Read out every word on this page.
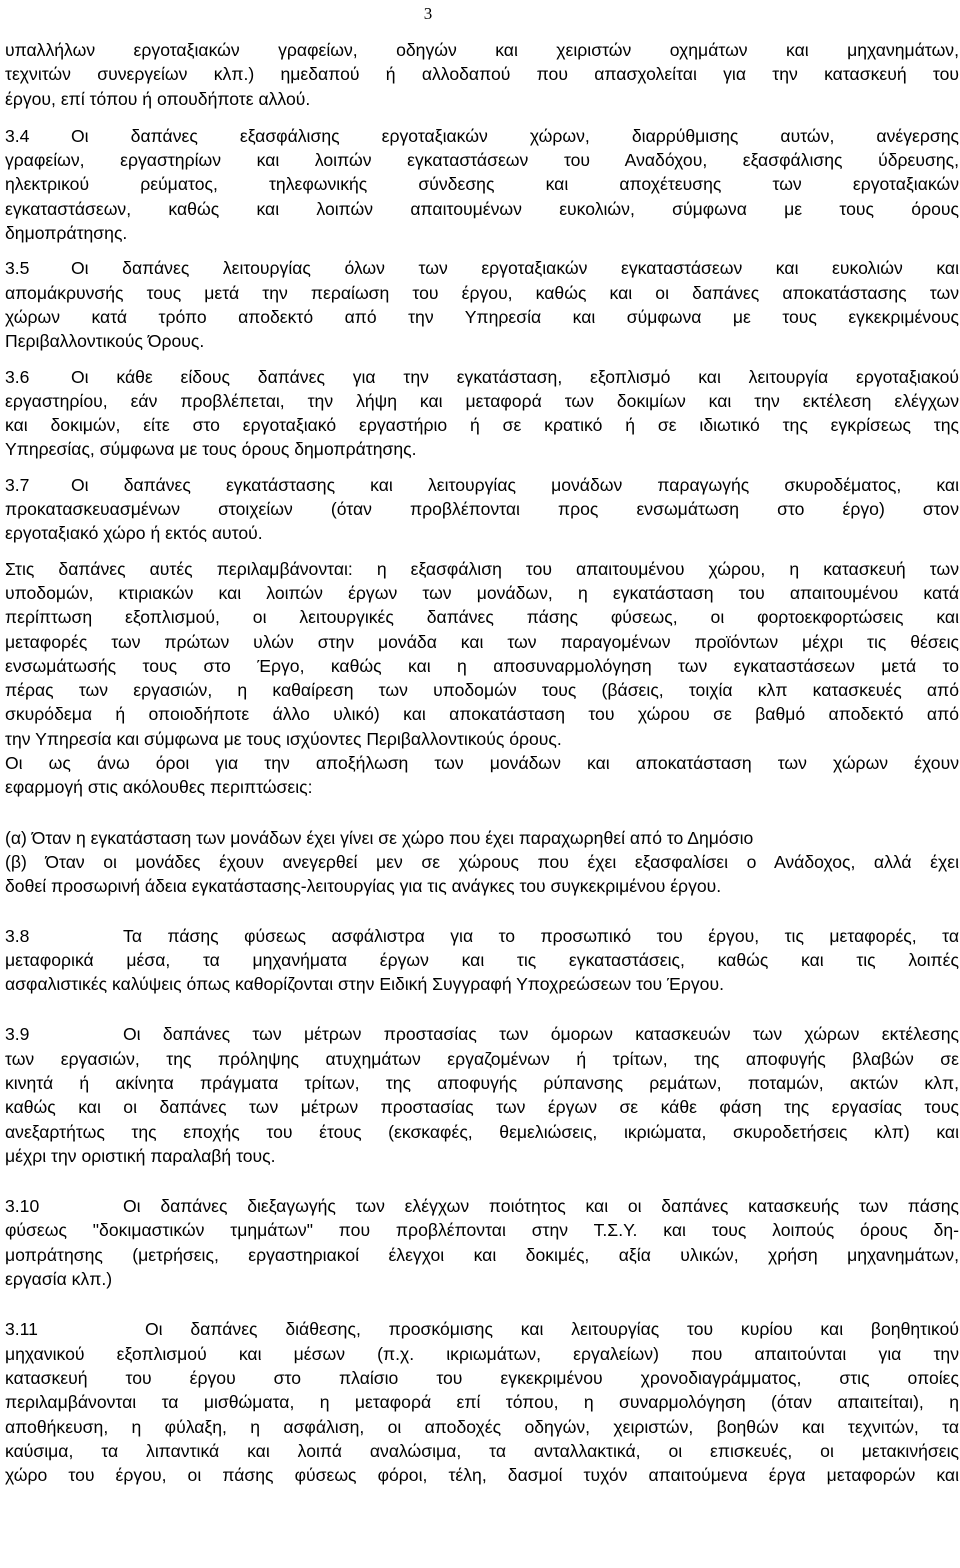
3
υπαλλήλων εργοταξιακών γραφείων, οδηγών και χειριστών οχημάτων και μηχανημάτων,
τεχνιτών συνεργείων κλπ.) ημεδαπού ή αλλοδαπού που απασχολείται για την κατασκευή του
έργου, επί τόπου ή οπουδήποτε αλλού.
3.4 Οι δαπάνες εξασφάλισης εργοταξιακών χώρων, διαρρύθμισης αυτών, ανέγερσης
γραφείων, εργαστηρίων και λοιπών εγκαταστάσεων του Αναδόχου, εξασφάλισης ύδρευσης,
ηλεκτρικού ρεύματος, τηλεφωνικής σύνδεσης και αποχέτευσης των εργοταξιακών
εγκαταστάσεων, καθώς και λοιπών απαιτουμένων ευκολιών, σύμφωνα με τους όρους
δημοπράτησης.
3.5 Οι δαπάνες λειτουργίας όλων των εργοταξιακών εγκαταστάσεων και ευκολιών και
απομάκρυνσής τους μετά την περαίωση του έργου, καθώς και οι δαπάνες αποκατάστασης των
χώρων κατά τρόπο αποδεκτό από την Υπηρεσία και σύμφωνα με τους εγκεκριμένους
Περιβαλλοντικούς Όρους.
3.6 Οι κάθε είδους δαπάνες για την εγκατάσταση, εξοπλισμό και λειτουργία εργοταξιακού
εργαστηρίου, εάν προβλέπεται, την λήψη και μεταφορά των δοκιμίων και την εκτέλεση ελέγχων
και δοκιμών, είτε στο εργοταξιακό εργαστήριο ή σε κρατικό ή σε ιδιωτικό της εγκρίσεως της
Υπηρεσίας, σύμφωνα με τους όρους δημοπράτησης.
3.7 Οι δαπάνες εγκατάστασης και λειτουργίας μονάδων παραγωγής σκυροδέματος, και
προκατασκευασμένων στοιχείων (όταν προβλέπονται προς ενσωμάτωση στο έργο) στον
εργοταξιακό χώρο ή εκτός αυτού.
Στις δαπάνες αυτές περιλαμβάνονται: η εξασφάλιση του απαιτουμένου χώρου, η κατασκευή των
υποδομών, κτιριακών και λοιπών έργων των μονάδων, η εγκατάσταση του απαιτουμένου κατά
περίπτωση εξοπλισμού, οι λειτουργικές δαπάνες πάσης φύσεως, οι φορτοεκφορτώσεις και
μεταφορές των πρώτων υλών στην μονάδα και των παραγομένων προϊόντων μέχρι τις θέσεις
ενσωμάτωσής τους στο Έργο, καθώς και η αποσυναρμολόγηση των εγκαταστάσεων μετά το
πέρας των εργασιών, η καθαίρεση των υποδομών τους (βάσεις, τοιχία κλπ κατασκευές από
σκυρόδεμα ή οποιοδήποτε άλλο υλικό) και αποκατάσταση του χώρου σε βαθμό αποδεκτό από
την Υπηρεσία και σύμφωνα με τους ισχύοντες Περιβαλλοντικούς όρους.
Οι ως άνω όροι για την αποξήλωση των μονάδων και αποκατάσταση των χώρων έχουν
εφαρμογή στις ακόλουθες περιπτώσεις:
(α) Όταν η εγκατάσταση των μονάδων έχει γίνει σε χώρο που έχει παραχωρηθεί από το Δημόσιο
(β) Όταν οι μονάδες έχουν ανεγερθεί μεν σε χώρους που έχει εξασφαλίσει ο Ανάδοχος, αλλά έχει
δοθεί προσωρινή άδεια εγκατάστασης-λειτουργίας για τις ανάγκες του συγκεκριμένου έργου.
3.8	Τα πάσης φύσεως ασφάλιστρα για το προσωπικό του έργου, τις μεταφορές, τα
μεταφορικά μέσα, τα μηχανήματα έργων και τις εγκαταστάσεις, καθώς και τις λοιπές
ασφαλιστικές καλύψεις όπως καθορίζονται στην Ειδική Συγγραφή Υποχρεώσεων του Έργου.
3.9	Οι δαπάνες των μέτρων προστασίας των όμορων κατασκευών των χώρων εκτέλεσης
των εργασιών, της πρόληψης ατυχημάτων εργαζομένων ή τρίτων, της αποφυγής βλαβών σε
κινητά ή ακίνητα πράγματα τρίτων, της αποφυγής ρύπανσης ρεμάτων, ποταμών, ακτών κλπ,
καθώς και οι δαπάνες των μέτρων προστασίας των έργων σε κάθε φάση της εργασίας τους
ανεξαρτήτως της εποχής του έτους (εκσκαφές, θεμελιώσεις, ικριώματα, σκυροδετήσεις κλπ) και
μέχρι την οριστική παραλαβή τους.
3.10	Οι δαπάνες διεξαγωγής των ελέγχων ποιότητος και οι δαπάνες κατασκευής των πάσης
φύσεως "δοκιμαστικών τμημάτων" που προβλέπονται στην Τ.Σ.Υ. και τους λοιπούς όρους δη-
μοπράτησης (μετρήσεις, εργαστηριακοί έλεγχοι και δοκιμές, αξία υλικών, χρήση μηχανημάτων,
εργασία κλπ.)
3.11	Οι δαπάνες διάθεσης, προσκόμισης και λειτουργίας του κυρίου και βοηθητικού
μηχανικού εξοπλισμού και μέσων (π.χ. ικριωμάτων, εργαλείων) που απαιτούνται για την
κατασκευή του έργου στο πλαίσιο του εγκεκριμένου χρονοδιαγράμματος, στις οποίες
περιλαμβάνονται τα μισθώματα, η μεταφορά επί τόπου, η συναρμολόγηση (όταν απαιτείται), η
αποθήκευση, η φύλαξη, η ασφάλιση, οι αποδοχές οδηγών, χειριστών, βοηθών και τεχνιτών, τα
καύσιμα, τα λιπαντικά και λοιπά αναλώσιμα, τα ανταλλακτικά, οι επισκευές, οι μετακινήσεις
χώρο του έργου, οι πάσης φύσεως φόροι, τέλη, δασμοί τυχόν απαιτούμενα έργα μεταφορών και
